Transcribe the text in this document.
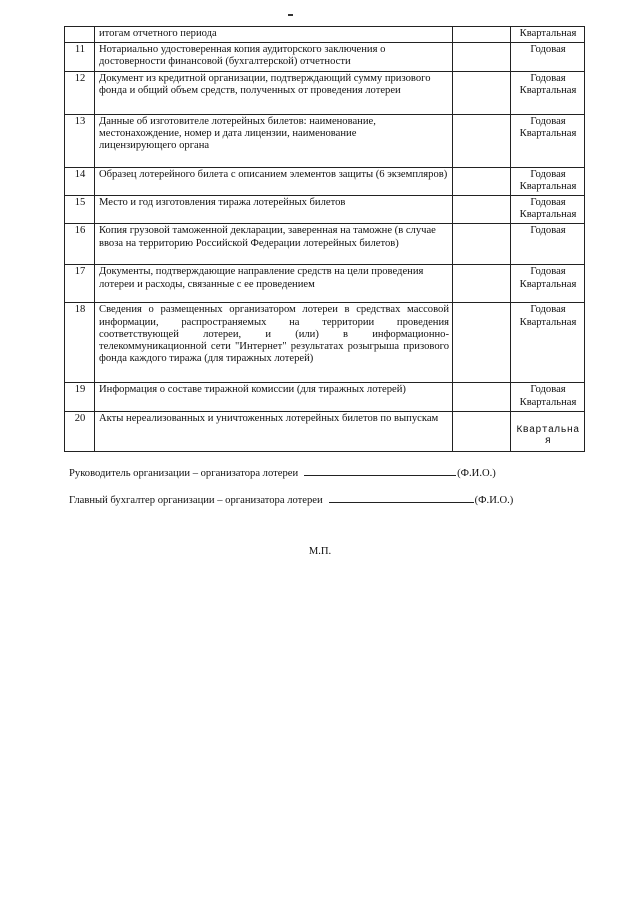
	итогам отчетного периода		Квартальная

11	Нотариально удостоверенная копия аудиторского заключения о достоверности финансовой (бухгалтерской) отчетности		Годовая

12	Документ из кредитной организации, подтверждающий сумму призового фонда и общий объем средств, полученных от проведения лотереи		Годовая
Квартальная

13	Данные об изготовителе лотерейных билетов: наименование, местонахождение, номер и дата лицензии, наименование лицензирующего органа		Годовая
Квартальная

14	Образец лотерейного билета с описанием элементов защиты (6 экземпляров)		Годовая
Квартальная

15	Место и год изготовления тиража лотерейных билетов		Годовая
Квартальная

16	Копия грузовой таможенной декларации, заверенная на таможне (в случае ввоза на территорию Российской Федерации лотерейных билетов)		Годовая

17	Документы, подтверждающие направление средств на цели проведения лотереи и расходы, связанные с ее проведением		Годовая
Квартальная

18	Сведения о размещенных организатором лотереи в средствах массовой информации, распространяемых на территории проведения соответствующей лотереи, и (или) в информационно-телекоммуникационной сети "Интернет" результатах розыгрыша призового фонда каждого тиража (для тиражных лотерей)		Годовая
Квартальная

19	Информация о составе тиражной комиссии (для тиражных лотерей)		Годовая
Квартальная

20	Акты нереализованных и уничтоженных лотерейных билетов по выпускам		Квартальная
Руководитель организации – организатора лотереи	(Ф.И.О.)
Главный бухгалтер организации – организатора лотереи	(Ф.И.О.)
М.П.
